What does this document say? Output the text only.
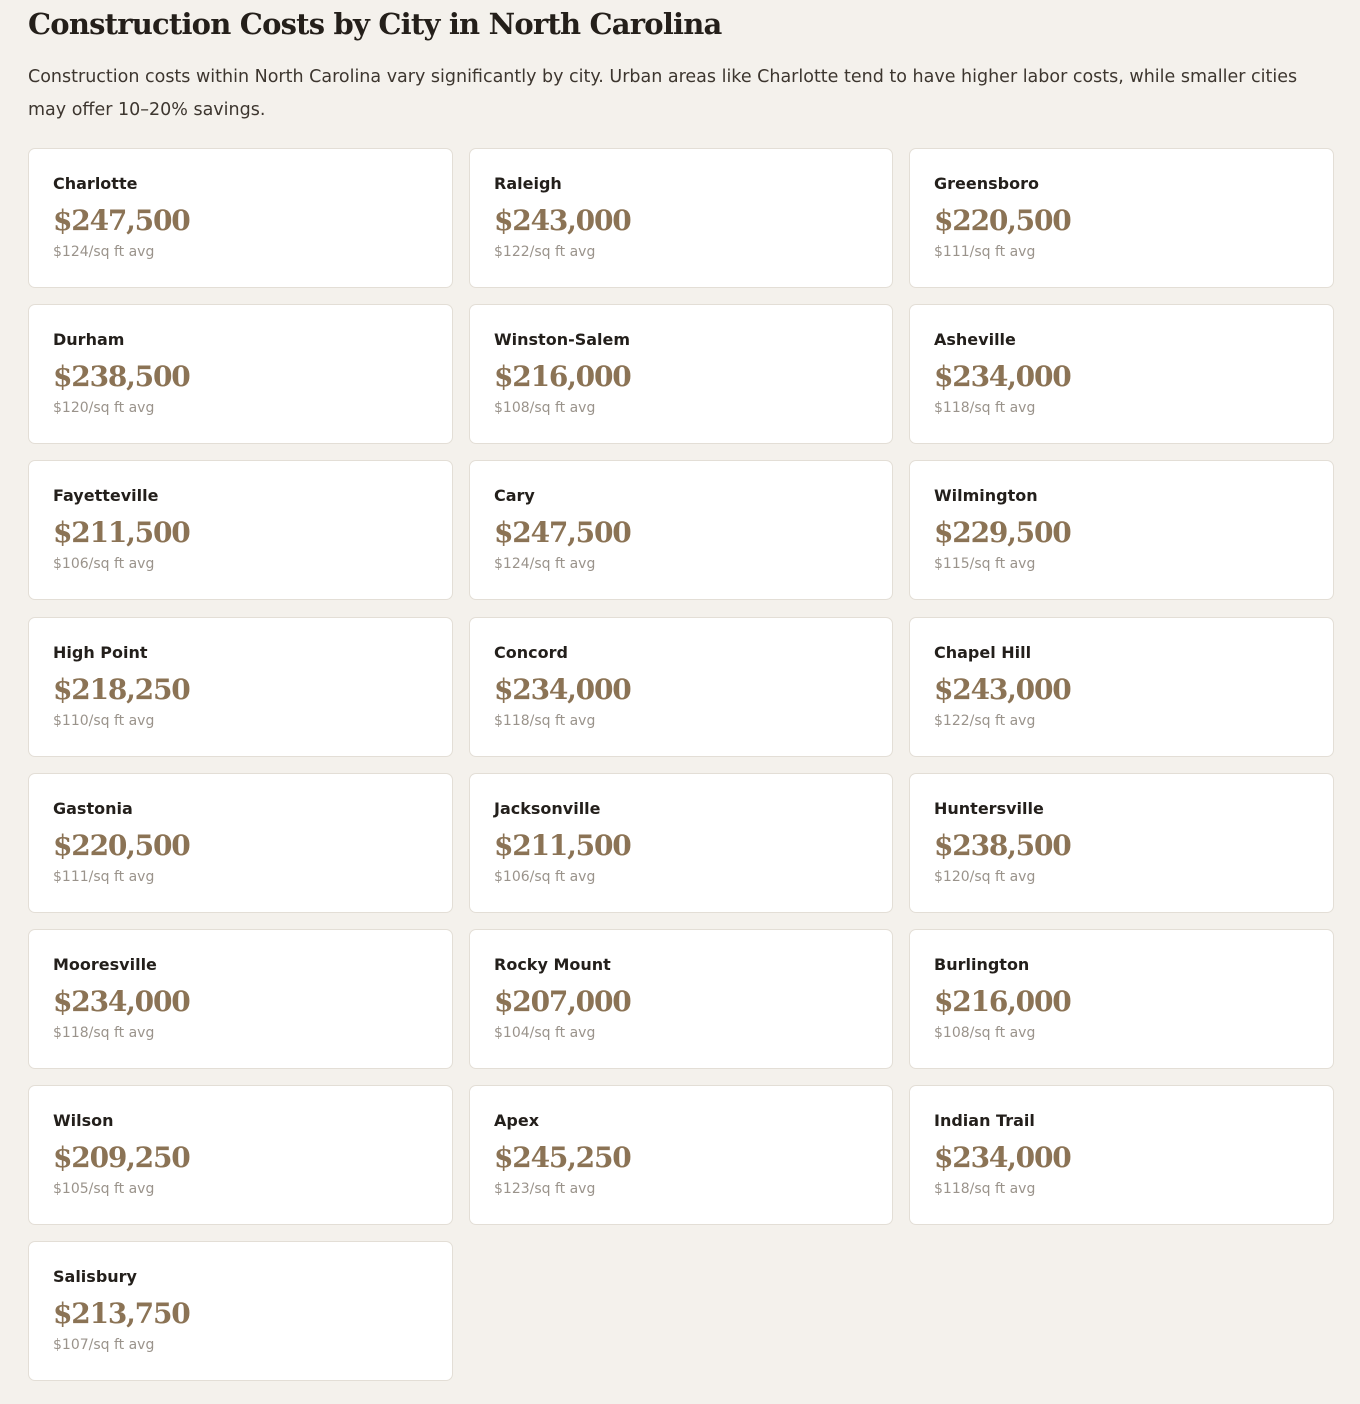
Construction Costs by City in North Carolina

Construction costs within North Carolina vary significantly by city. Urban areas like Charlotte tend to have higher labor costs, while smaller cities may offer 10–20% savings.

Charlotte
$247,500
$124/sq ft avg
Raleigh
$243,000
$122/sq ft avg
Greensboro
$220,500
$111/sq ft avg
Durham
$238,500
$120/sq ft avg
Winston-Salem
$216,000
$108/sq ft avg
Asheville
$234,000
$118/sq ft avg
Fayetteville
$211,500
$106/sq ft avg
Cary
$247,500
$124/sq ft avg
Wilmington
$229,500
$115/sq ft avg
High Point
$218,250
$110/sq ft avg
Concord
$234,000
$118/sq ft avg
Chapel Hill
$243,000
$122/sq ft avg
Gastonia
$220,500
$111/sq ft avg
Jacksonville
$211,500
$106/sq ft avg
Huntersville
$238,500
$120/sq ft avg
Mooresville
$234,000
$118/sq ft avg
Rocky Mount
$207,000
$104/sq ft avg
Burlington
$216,000
$108/sq ft avg
Wilson
$209,250
$105/sq ft avg
Apex
$245,250
$123/sq ft avg
Indian Trail
$234,000
$118/sq ft avg
Salisbury
$213,750
$107/sq ft avg
